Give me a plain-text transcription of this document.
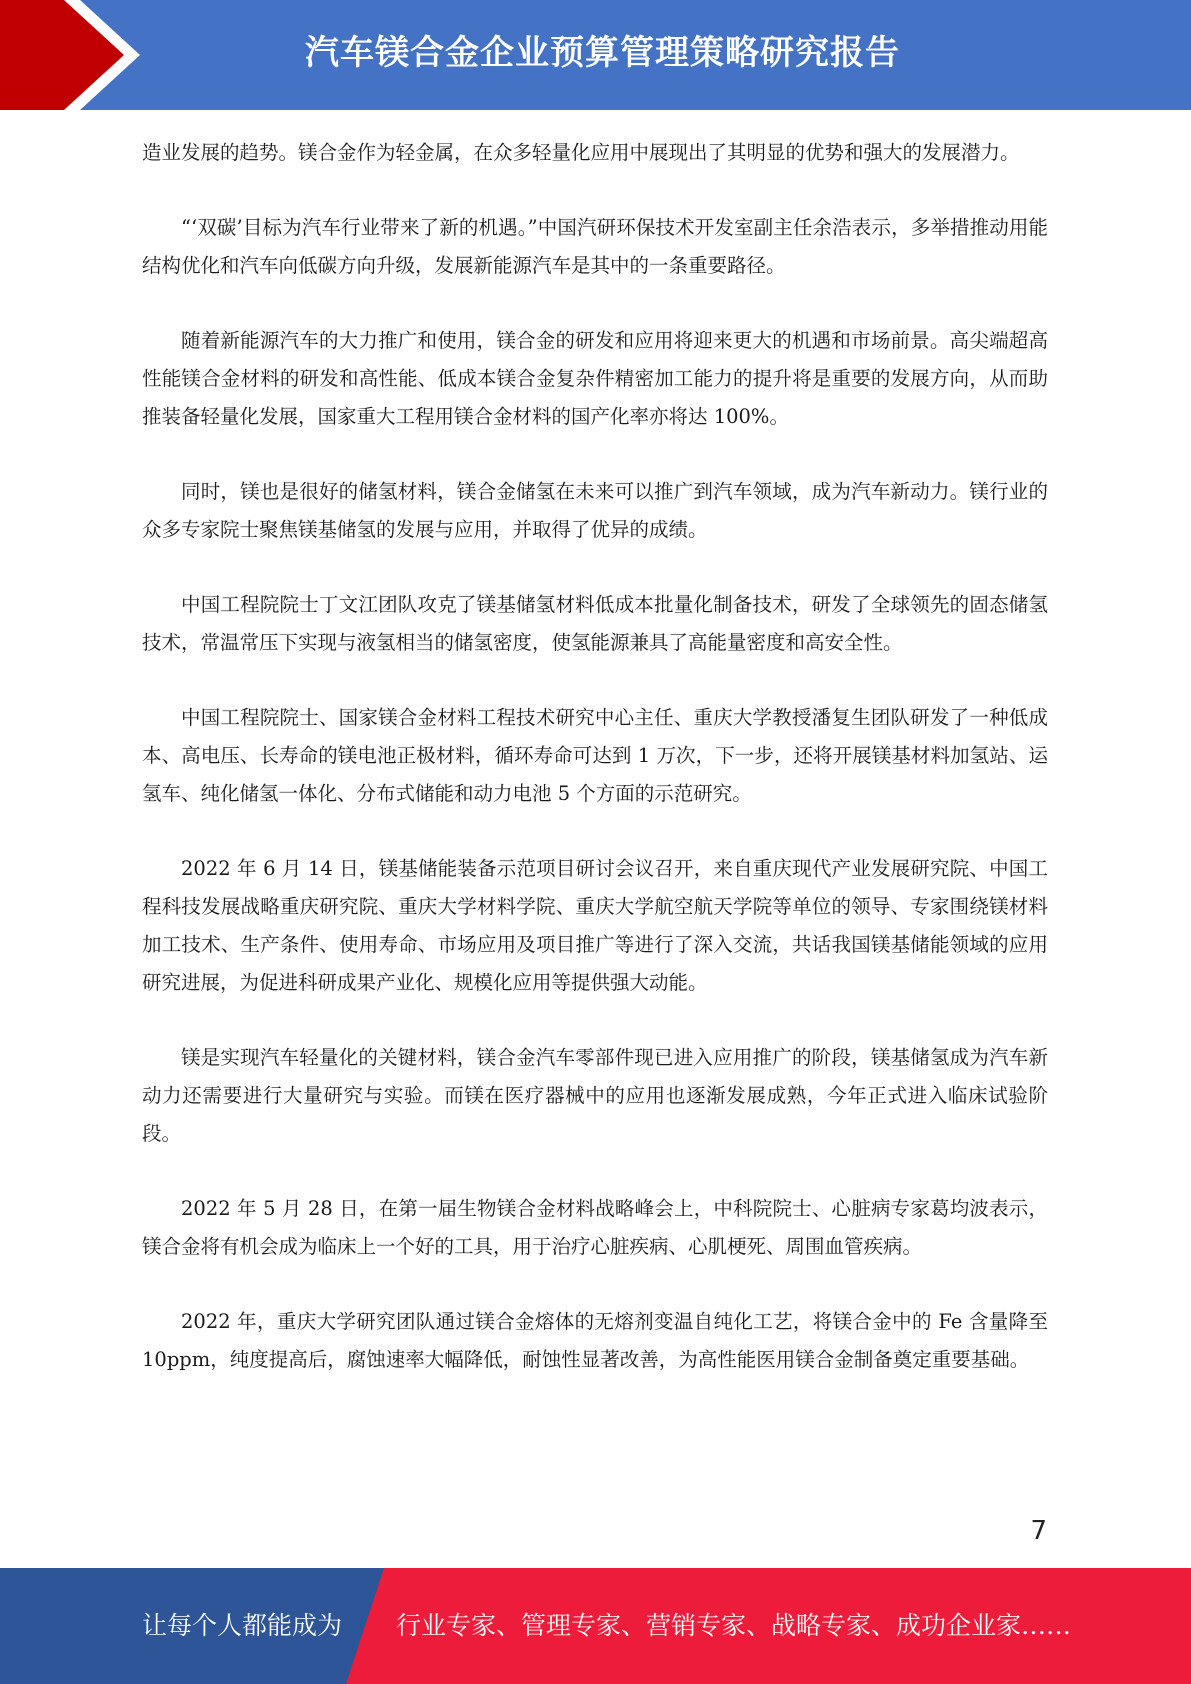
汽车镁合金企业预算管理策略研究报告

造业发展的趋势。镁合金作为轻金属，在众多轻量化应用中展现出了其明显的优势和强大的发展潜力。

“‘双碳’目标为汽车行业带来了新的机遇。”中国汽研环保技术开发室副主任余浩表示，多举措推动用能结构优化和汽车向低碳方向升级，发展新能源汽车是其中的一条重要路径。

随着新能源汽车的大力推广和使用，镁合金的研发和应用将迎来更大的机遇和市场前景。高尖端超高性能镁合金材料的研发和高性能、低成本镁合金复杂件精密加工能力的提升将是重要的发展方向，从而助推装备轻量化发展，国家重大工程用镁合金材料的国产化率亦将达 100%。

同时，镁也是很好的储氢材料，镁合金储氢在未来可以推广到汽车领域，成为汽车新动力。镁行业的众多专家院士聚焦镁基储氢的发展与应用，并取得了优异的成绩。

中国工程院院士丁文江团队攻克了镁基储氢材料低成本批量化制备技术，研发了全球领先的固态储氢技术，常温常压下实现与液氢相当的储氢密度，使氢能源兼具了高能量密度和高安全性。

中国工程院院士、国家镁合金材料工程技术研究中心主任、重庆大学教授潘复生团队研发了一种低成本、高电压、长寿命的镁电池正极材料，循环寿命可达到 1 万次，下一步，还将开展镁基材料加氢站、运氢车、纯化储氢一体化、分布式储能和动力电池 5 个方面的示范研究。

2022 年 6 月 14 日，镁基储能装备示范项目研讨会议召开，来自重庆现代产业发展研究院、中国工程科技发展战略重庆研究院、重庆大学材料学院、重庆大学航空航天学院等单位的领导、专家围绕镁材料加工技术、生产条件、使用寿命、市场应用及项目推广等进行了深入交流，共话我国镁基储能领域的应用研究进展，为促进科研成果产业化、规模化应用等提供强大动能。

镁是实现汽车轻量化的关键材料，镁合金汽车零部件现已进入应用推广的阶段，镁基储氢成为汽车新动力还需要进行大量研究与实验。而镁在医疗器械中的应用也逐渐发展成熟，今年正式进入临床试验阶段。

2022 年 5 月 28 日，在第一届生物镁合金材料战略峰会上，中科院院士、心脏病专家葛均波表示，镁合金将有机会成为临床上一个好的工具，用于治疗心脏疾病、心肌梗死、周围血管疾病。

2022 年，重庆大学研究团队通过镁合金熔体的无熔剂变温自纯化工艺，将镁合金中的 Fe 含量降至 10ppm，纯度提高后，腐蚀速率大幅降低，耐蚀性显著改善，为高性能医用镁合金制备奠定重要基础。

7
让每个人都能成为 行业专家、管理专家、营销专家、战略专家、成功企业家……
